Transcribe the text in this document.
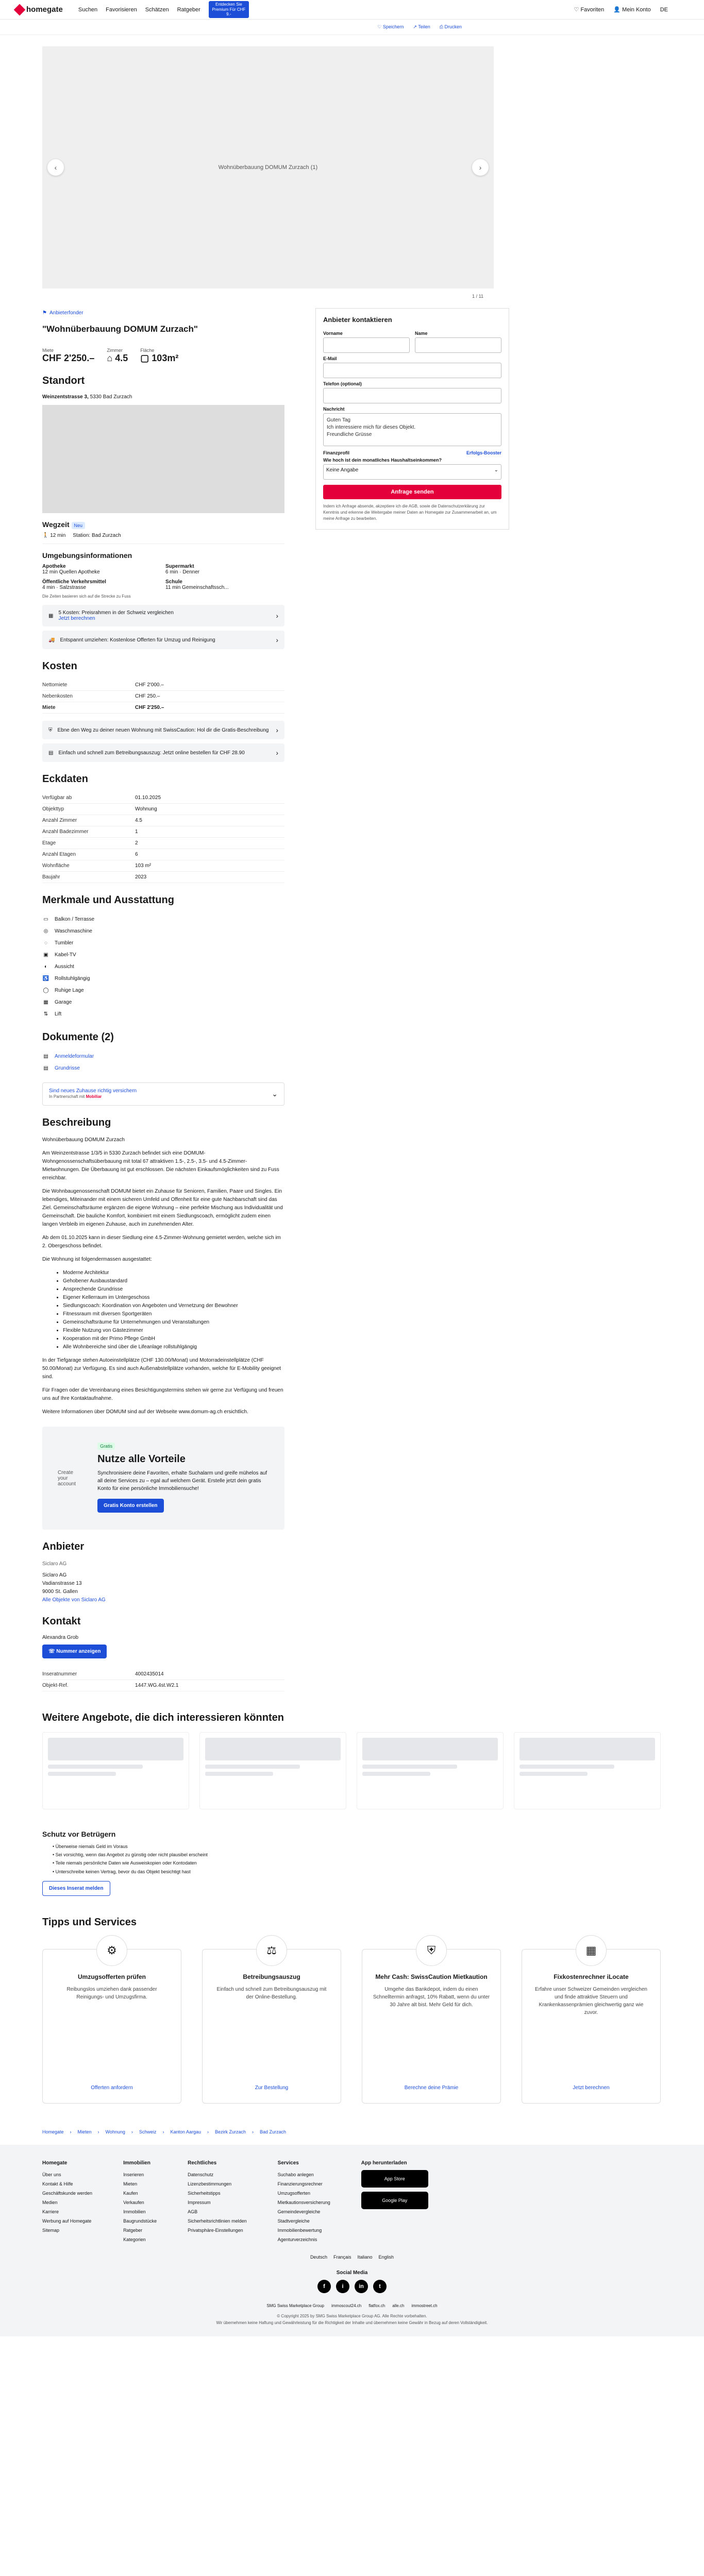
homegate	Suchen Favorisieren Schätzen Ratgeber
Entdecken Sie Premium Für CHF 9.-
♡ Favoriten 👤 Mein Konto DE
♡ Speichern ↗ Teilen ⎙ Drucken
Wohnüberbauung DOMUM Zurzach (1)
‹	›
1 / 11
⚑ Anbieterfonder
"Wohnüberbauung DOMUM Zurzach"
Miete
CHF 2'250.–
Zimmer
⌂ 4.5
Fläche
▢ 103m²
Standort
Weinzentstrasse 3, 5330 Bad Zurzach
Wegzeit Neu
🚶 12 min Station: Bad Zurzach
Umgebungsinformationen
Apotheke
12 min Quellen Apotheke
Supermarkt
6 min · Denner
Öffentliche Verkehrsmittel
4 min · Salzstrasse
Schule
11 min Gemeinschaftssch...
Die Zeiten basieren sich auf die Strecke zu Fuss
▦ 5 Kosten: Preisrahmen in der Schweiz vergleichen
Jetzt berechnen	›
🚚 Entspannt umziehen: Kostenlose Offerten für Umzug und Reinigung	›
Kosten
Nettomiete	CHF 2'000.–
Nebenkosten	CHF 250.–
Miete	CHF 2'250.–
⛨ Ebne den Weg zu deiner neuen Wohnung mit SwissCaution: Hol dir die Gratis-Beschreibung ›
▤ Einfach und schnell zum Betreibungsauszug: Jetzt online bestellen für CHF 28.90	›
Eckdaten
Verfügbar ab	01.10.2025
Objekttyp	Wohnung
Anzahl Zimmer	4.5
Anzahl Badezimmer	1
Etage	2
Anzahl Etagen	6
Wohnfläche	103 m²
Baujahr	2023
Merkmale und Ausstattung
▭ Balkon / Terrasse
◎ Waschmaschine
◌	Tumbler
▣ Kabel-TV
◐	Aussicht
♿ Rollstuhlgängig
◯ Ruhige Lage
▦ Garage
⇅ Lift
Dokumente (2)
▤ Anmeldeformular
▤ Grundrisse
Sind neues Zuhause richtig versichern
In Partnerschaft mit Mobiliar	⌄
Beschreibung

Wohnüberbauung DOMUM Zurzach

Am Weinzentstrasse 1/3/5 in 5330 Zurzach befindet sich eine DOMUM-Wohngenossenschaftsüberbauung mit total 67 attraktiven 1.5-, 2.5-, 3.5- und 4.5-Zimmer-Mietwohnungen. Die Überbauung ist gut erschlossen. Die nächsten Einkaufsmöglichkeiten sind zu Fuss erreichbar.

Die Wohnbaugenossenschaft DOMUM bietet ein Zuhause für Senioren, Familien, Paare und Singles. Ein lebendiges, Miteinander mit einem sicheren Umfeld und Offenheit für eine gute Nachbarschaft sind das Ziel. Gemeinschaftsräume ergänzen die eigene Wohnung – eine perfekte Mischung aus Individualität und Gemeinschaft. Die bauliche Komfort, kombiniert mit einem Siedlungscoach, ermöglicht zudem einen langen Verbleib im eigenen Zuhause, auch im zunehmenden Alter.

Ab dem 01.10.2025 kann in dieser Siedlung eine 4.5-Zimmer-Wohnung gemietet werden, welche sich im 2. Obergeschoss befindet.

Die Wohnung ist folgendermassen ausgestattet:

• Moderne Architektur
• Gehobener Ausbaustandard
• Ansprechende Grundrisse
• Eigener Kellerraum im Untergeschoss
• Siedlungscoach: Koordination von Angeboten und Vernetzung der Bewohner
• Fitnessraum mit diversen Sportgeräten
• Gemeinschaftsräume für Unternehmungen und Veranstaltungen
• Flexible Nutzung von Gästezimmer
• Kooperation mit der Primo Pflege GmbH
• Alle Wohnbereiche sind über die Lifeanlage rollstuhlgängig

In der Tiefgarage stehen Autoeinstellplätze (CHF 130.00/Monat) und Motorradeinstellplätze (CHF 50.00/Monat) zur Verfügung. Es sind auch Außenabstellplätze vorhanden, welche für E-Mobility geeignet sind.

Für Fragen oder die Vereinbarung eines Besichtigungstermins stehen wir gerne zur Verfügung und freuen uns auf Ihre Kontaktaufnahme.

Weitere Informationen über DOMUM sind auf der Webseite www.domum-ag.ch ersichtlich.

Create your account
Gratis
Nutze alle Vorteile
Synchronisiere deine Favoriten, erhalte Suchalarm und greife mühelos auf all deine Services zu – egal auf welchem Gerät. Erstelle jetzt dein gratis Konto für eine persönliche Immobiliensuche!
Gratis Konto erstellen
Anbieter
Siclaro AG
Siclaro AG
Vadianstrasse 13
9000 St. Gallen
Alle Objekte von Siclaro AG
Kontakt
Alexandra Grob
☏ Nummer anzeigen
Inseratnummer	4002435014
Objekt-Ref.	1447.WG.4st.W2.1
Anbieter kontaktieren
Vorname	Name
E-Mail
Telefon (optional)
Nachricht
Guten Tag
Ich interessiere mich für dieses Objekt.
Freundliche Grüsse
Finanzprofil	Erfolgs-Booster
Wie hoch ist dein monatliches Haushaltseinkommen?
Keine Angabe	⌄
Anfrage senden
Indem ich Anfrage absende, akzeptiere ich die AGB, sowie die Datenschutzerklärung zur Kenntnis und erkenne die Weitergabe meiner Daten an Homegate zur Zusammenarbeit an, um meine Anfrage zu bearbeiten.
Weitere Angebote, die dich interessieren könnten
Schutz vor Betrügern
• Überweise niemals Geld im Voraus
• Sei vorsichtig, wenn das Angebot zu günstig oder nicht plausibel erscheint
• Teile niemals persönliche Daten wie Ausweiskopien oder Kontodaten
• Unterschreibe keinen Vertrag, bevor du das Objekt besichtigt hast
Dieses Inserat melden
Tipps und Services
⚙
Umzugsofferten prüfen

Reibungslos umziehen dank passender Reinigungs- und Umzugsfirma.

Offerten anfordern
⚖
Betreibungsauszug

Einfach und schnell zum Betreibungsauszug mit der Online-Bestellung.

Zur Bestellung
⛨
Mehr Cash: SwissCaution Mietkaution

Umgehe das Bankdepot, indem du einen Schnelltermin anfragst, 10% Rabatt, wenn du unter 30 Jahre alt bist. Mehr Geld für dich.

Berechne deine Prämie
▦
Fixkostenrechner iLocate

Erfahre unser Schweizer Gemeinden vergleichen und finde attraktive Steuern und Krankenkassenprämien gleichwertig ganz wie zuvor.

Jetzt berechnen
Homegate › Mieten › Wohnung › Schweiz › Kanton Aargau › Bezirk Zurzach › Bad Zurzach
Homegate
Über uns
Kontakt & Hilfe
Geschäftskunde werden
Medien
Karriere
Werbung auf Homegate
Sitemap
Immobilien
Inserieren
Mieten
Kaufen
Verkaufen
Immobilien
Baugrundstücke
Ratgeber
Kategorien
Rechtliches
Datenschutz
Lizenzbestimmungen
Sicherheitstipps
Impressum
AGB
Sicherheitsrichtlinien melden
Privatsphäre-Einstellungen
Services
Suchabo anlegen
Finanzierungsrechner
Umzugsofferten
Mietkautionsversicherung
Gemeindevergleiche
Stadtvergleiche
Immobilienbewertung
Agenturverzeichnis
App herunterladen
App Store
Google Play
Deutsch Français Italiano English
Social Media
f	i	in	t
SMG Swiss Marketplace Group immoscout24.ch flatfox.ch alle.ch immostreet.ch
© Copyright 2025 by SMG Swiss Marketplace Group AG. Alle Rechte vorbehalten.
Wir übernehmen keine Haftung und Gewährleistung für die Richtigkeit der Inhalte und übernehmen keine Gewähr in Bezug auf deren Vollständigkeit.
